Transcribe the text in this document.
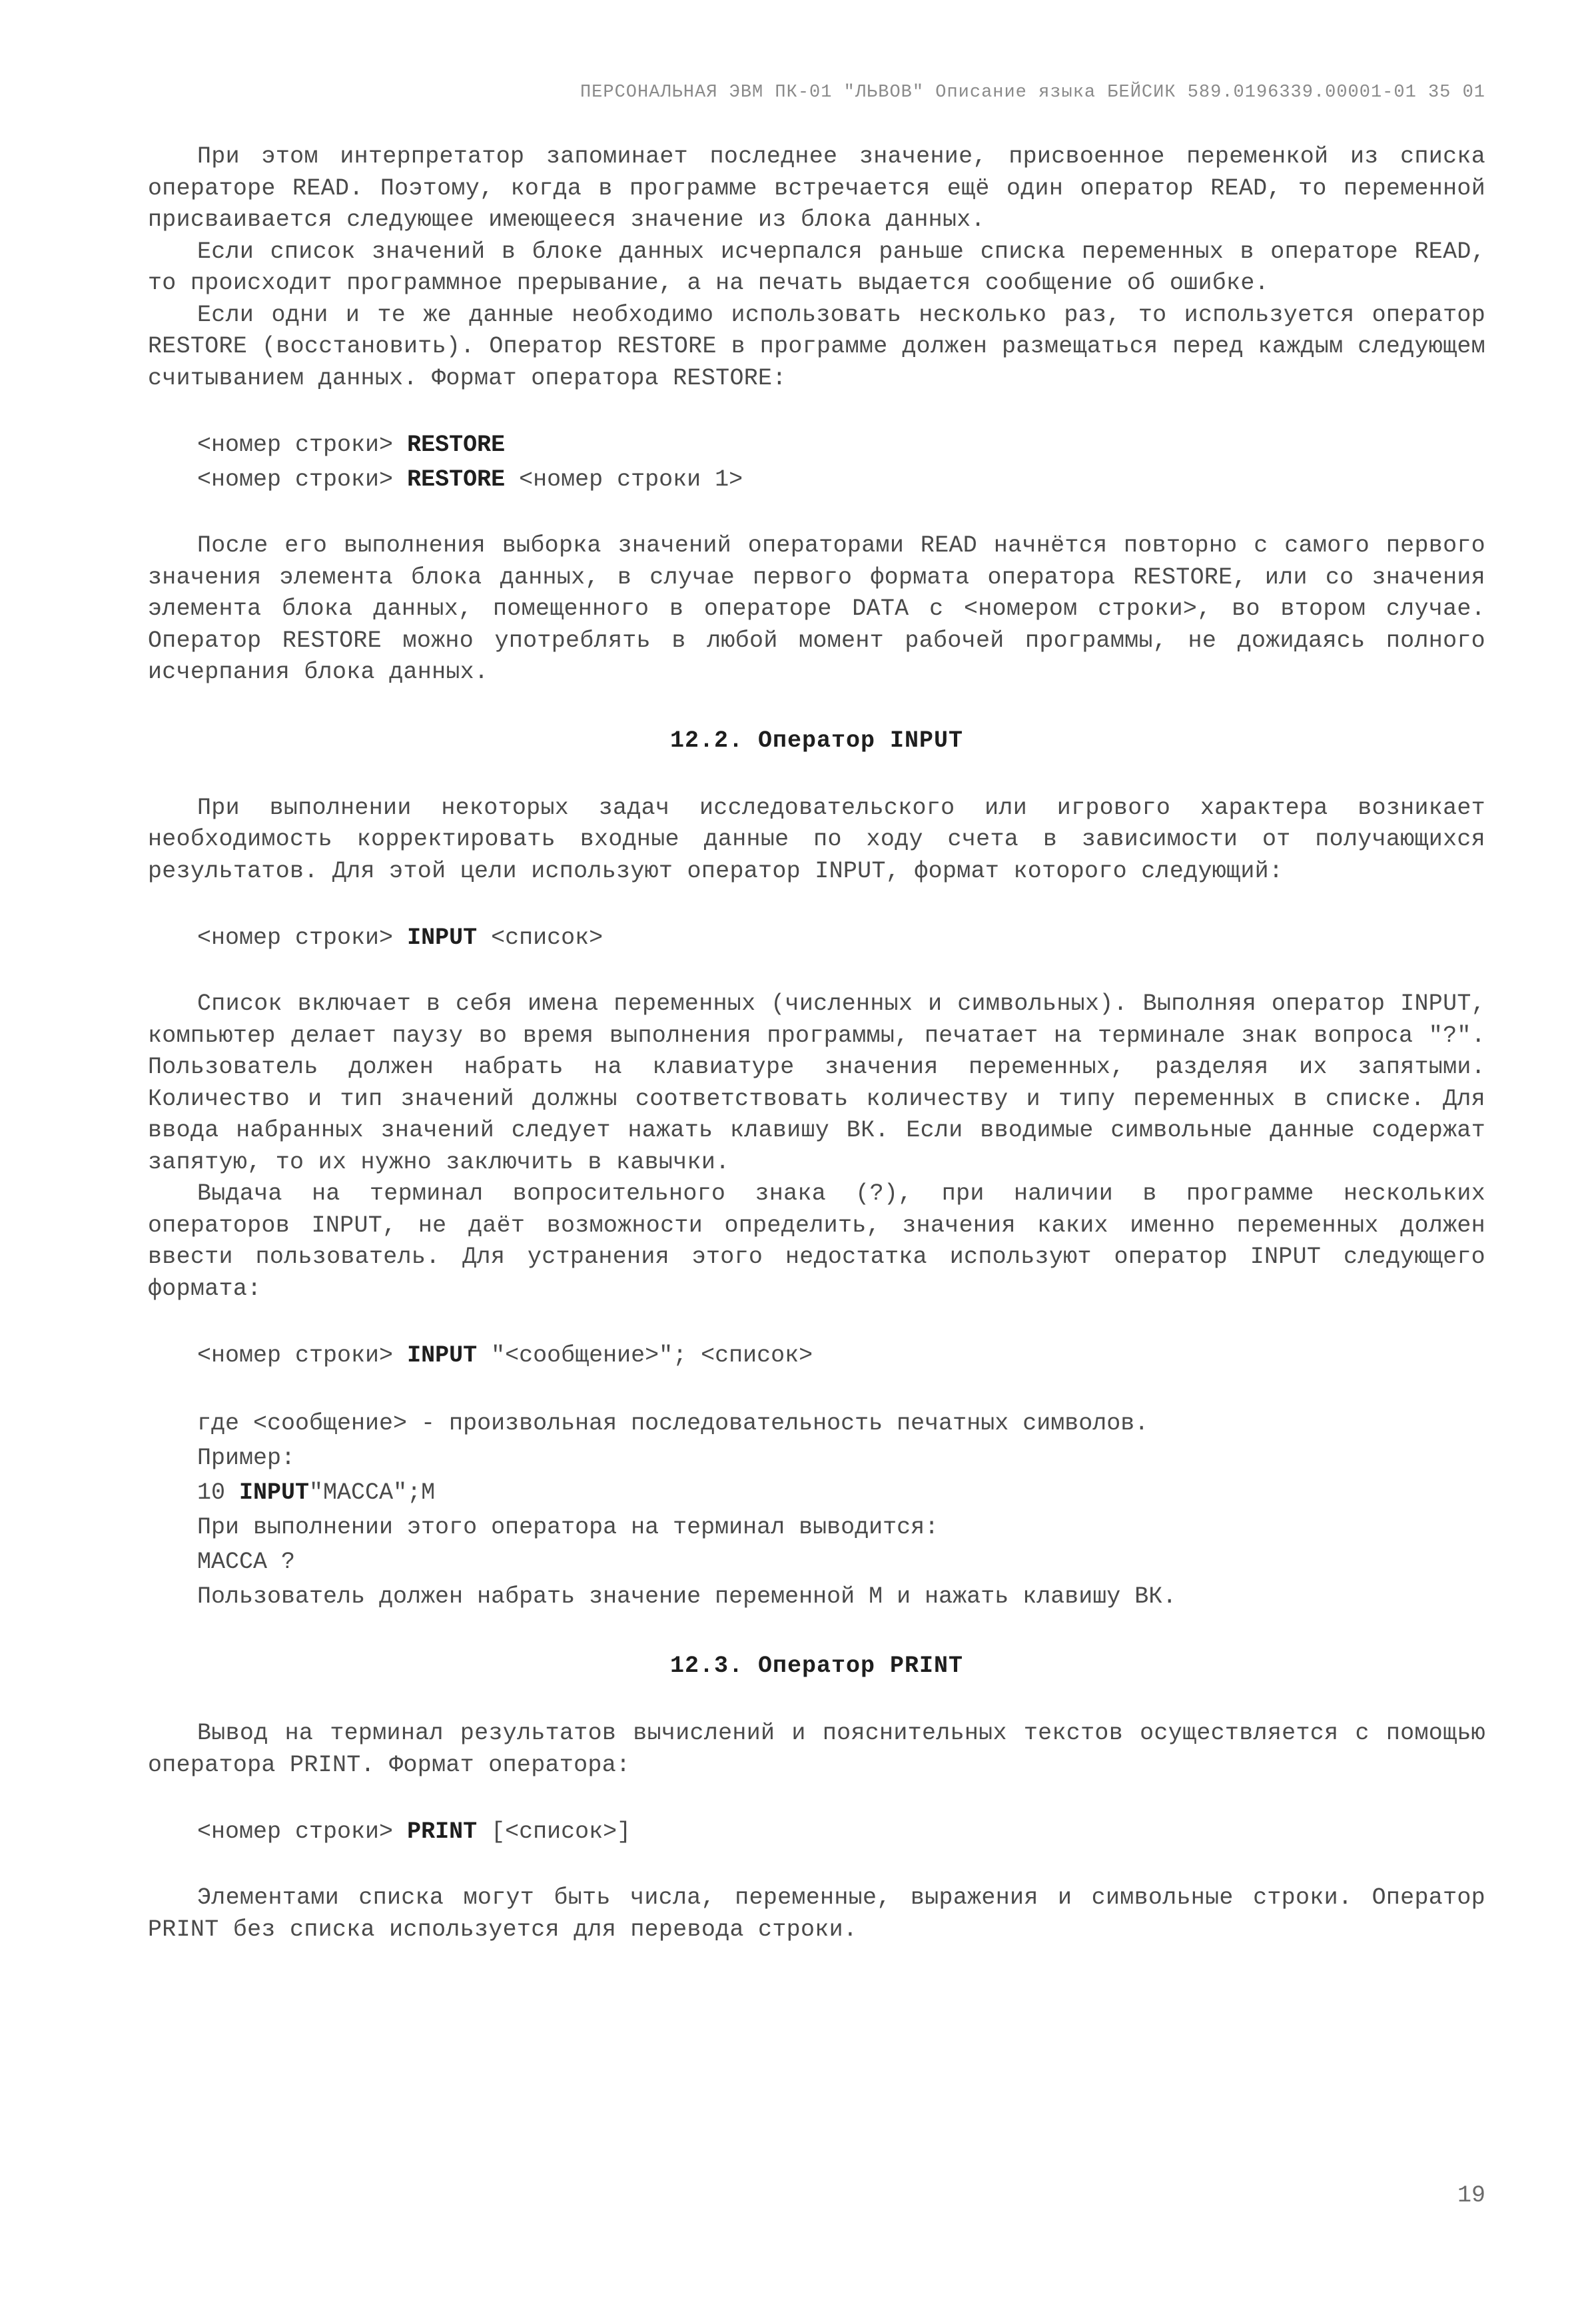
ПЕРСОНАЛЬНАЯ ЭВМ ПК-01 "ЛЬВОВ" Описание языка БЕЙСИК 589.0196339.00001-01 35 01

При этом интерпретатор запоминает последнее значение, присвоенное переменкой из списка операторе READ. Поэтому, когда в программе встречается ещё один оператор READ, то переменной присваивается следующее имеющееся значение из блока данных.

Если список значений в блоке данных исчерпался раньше списка переменных в операторе READ, то происходит программное прерывание, а на печать выдается сообщение об ошибке.

Если одни и те же данные необходимо использовать несколько раз, то используется оператор RESTORE (восстановить). Оператор RESTORE в программе должен размещаться перед каждым следующем считыванием данных. Формат оператора RESTORE:

<номер строки> RESTORE

<номер строки> RESTORE <номер строки 1>

После его выполнения выборка значений операторами READ начнётся повторно с самого первого значения элемента блока данных, в случае первого формата оператора RESTORE, или со значения элемента блока данных, помещенного в операторе DATA с <номером строки>, во втором случае. Оператор RESTORE можно употреблять в любой момент рабочей программы, не дожидаясь полного исчерпания блока данных.

12.2. Оператор INPUT

При выполнении некоторых задач исследовательского или игрового характера возникает необходимость корректировать входные данные по ходу счета в зависимости от получающихся результатов. Для этой цели используют оператор INPUT, формат которого следующий:

<номер строки> INPUT <список>

Список включает в себя имена переменных (численных и символьных). Выполняя оператор INPUT, компьютер делает паузу во время выполнения программы, печатает на терминале знак вопроса "?". Пользователь должен набрать на клавиатуре значения переменных, разделяя их запятыми. Количество и тип значений должны соответствовать количеству и типу переменных в списке. Для ввода набранных значений следует нажать клавишу ВК. Если вводимые символьные данные содержат запятую, то их нужно заключить в кавычки.

Выдача на терминал вопросительного знака (?), при наличии в программе нескольких операторов INPUT, не даёт возможности определить, значения каких именно переменных должен ввести пользователь. Для устранения этого недостатка используют оператор INPUT следующего формата:

<номер строки> INPUT "<сообщение>"; <список>

где <сообщение> - произвольная последовательность печатных символов.

Пример:

10 INPUT"МАССА";М

При выполнении этого оператора на терминал выводится:

МАССА ?

Пользователь должен набрать значение переменной М и нажать клавишу ВК.

12.3. Оператор PRINT

Вывод на терминал результатов вычислений и пояснительных текстов осуществляется с помощью оператора PRINT. Формат оператора:

<номер строки> PRINT [<список>]

Элементами списка могут быть числа, переменные, выражения и символьные строки. Оператор PRINT без списка используется для перевода строки.

19
